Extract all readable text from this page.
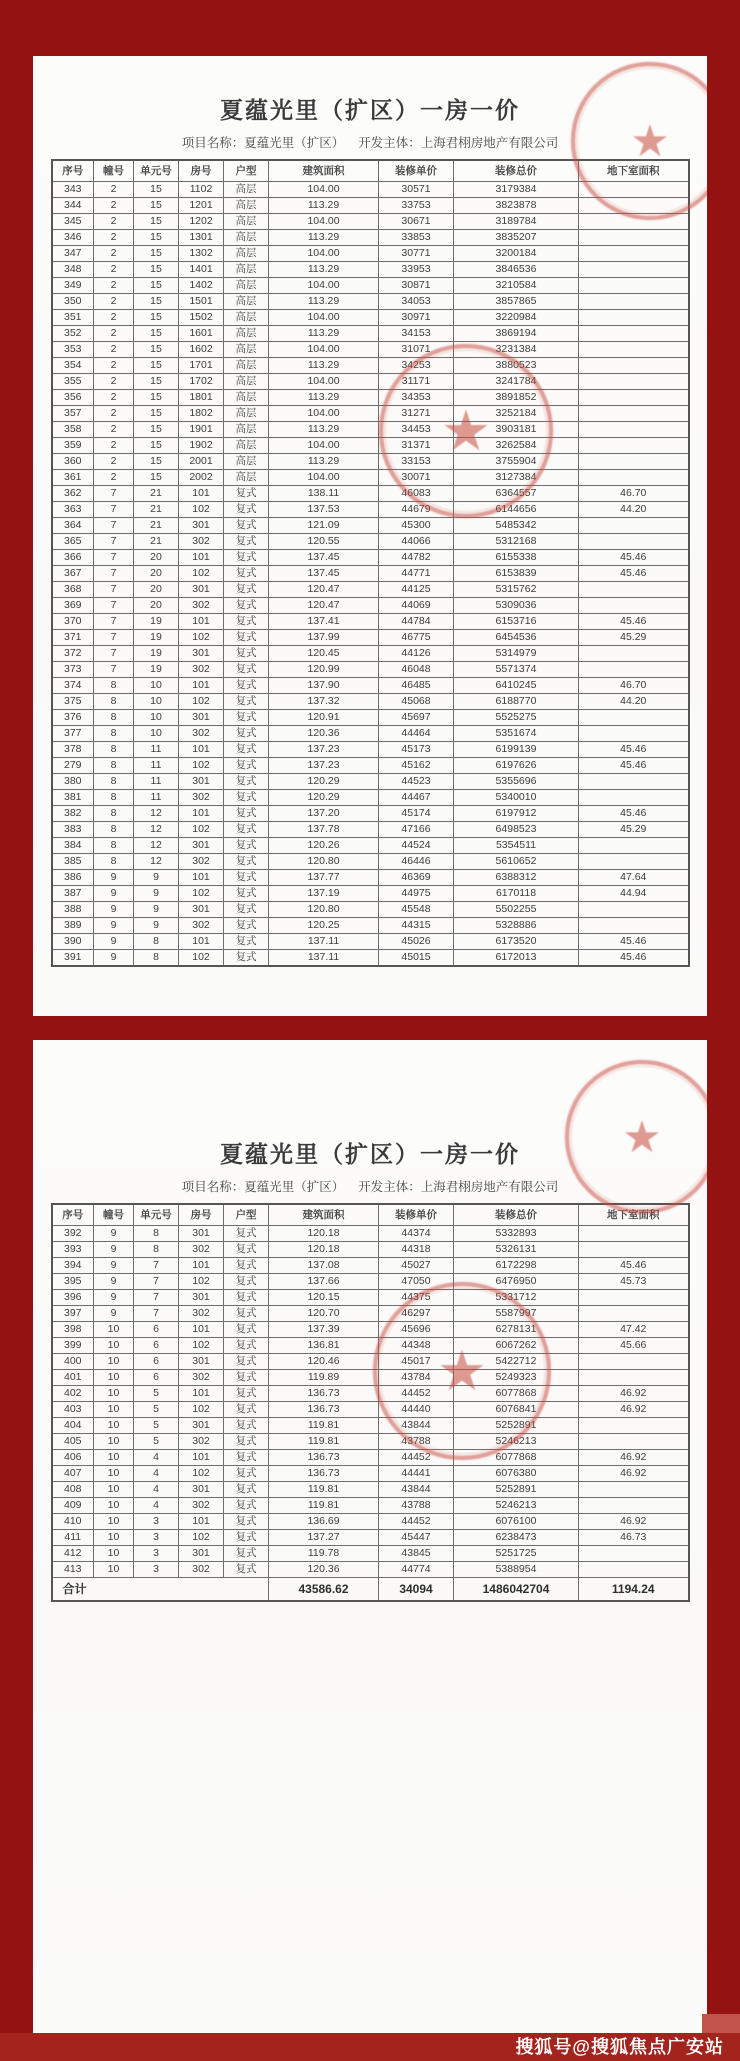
★
★
夏蕴光里（扩区）一房一价
项目名称：夏蕴光里（扩区） 开发主体：上海君栩房地产有限公司
序号	幢号	单元号	房号	户型	建筑面积	装修单价	装修总价	地下室面积
343	2	15	1102	高层	104.00	30571	3179384	
344	2	15	1201	高层	113.29	33753	3823878	
345	2	15	1202	高层	104.00	30671	3189784	
346	2	15	1301	高层	113.29	33853	3835207	
347	2	15	1302	高层	104.00	30771	3200184	
348	2	15	1401	高层	113.29	33953	3846536	
349	2	15	1402	高层	104.00	30871	3210584	
350	2	15	1501	高层	113.29	34053	3857865	
351	2	15	1502	高层	104.00	30971	3220984	
352	2	15	1601	高层	113.29	34153	3869194	
353	2	15	1602	高层	104.00	31071	3231384	
354	2	15	1701	高层	113.29	34253	3880523	
355	2	15	1702	高层	104.00	31171	3241784	
356	2	15	1801	高层	113.29	34353	3891852	
357	2	15	1802	高层	104.00	31271	3252184	
358	2	15	1901	高层	113.29	34453	3903181	
359	2	15	1902	高层	104.00	31371	3262584	
360	2	15	2001	高层	113.29	33153	3755904	
361	2	15	2002	高层	104.00	30071	3127384	
362	7	21	101	复式	138.11	46083	6364557	46.70
363	7	21	102	复式	137.53	44679	6144656	44.20
364	7	21	301	复式	121.09	45300	5485342	
365	7	21	302	复式	120.55	44066	5312168	
366	7	20	101	复式	137.45	44782	6155338	45.46
367	7	20	102	复式	137.45	44771	6153839	45.46
368	7	20	301	复式	120.47	44125	5315762	
369	7	20	302	复式	120.47	44069	5309036	
370	7	19	101	复式	137.41	44784	6153716	45.46
371	7	19	102	复式	137.99	46775	6454536	45.29
372	7	19	301	复式	120.45	44126	5314979	
373	7	19	302	复式	120.99	46048	5571374	
374	8	10	101	复式	137.90	46485	6410245	46.70
375	8	10	102	复式	137.32	45068	6188770	44.20
376	8	10	301	复式	120.91	45697	5525275	
377	8	10	302	复式	120.36	44464	5351674	
378	8	11	101	复式	137.23	45173	6199139	45.46
279	8	11	102	复式	137.23	45162	6197626	45.46
380	8	11	301	复式	120.29	44523	5355696	
381	8	11	302	复式	120.29	44467	5340010	
382	8	12	101	复式	137.20	45174	6197912	45.46
383	8	12	102	复式	137.78	47166	6498523	45.29
384	8	12	301	复式	120.26	44524	5354511	
385	8	12	302	复式	120.80	46446	5610652	
386	9	9	101	复式	137.77	46369	6388312	47.64
387	9	9	102	复式	137.19	44975	6170118	44.94
388	9	9	301	复式	120.80	45548	5502255	
389	9	9	302	复式	120.25	44315	5328886	
390	9	8	101	复式	137.11	45026	6173520	45.46
391	9	8	102	复式	137.11	45015	6172013	45.46
★
★
夏蕴光里（扩区）一房一价
项目名称：夏蕴光里（扩区） 开发主体：上海君栩房地产有限公司
序号	幢号	单元号	房号	户型	建筑面积	装修单价	装修总价	地下室面积
392	9	8	301	复式	120.18	44374	5332893	
393	9	8	302	复式	120.18	44318	5326131	
394	9	7	101	复式	137.08	45027	6172298	45.46
395	9	7	102	复式	137.66	47050	6476950	45.73
396	9	7	301	复式	120.15	44375	5331712	
397	9	7	302	复式	120.70	46297	5587997	
398	10	6	101	复式	137.39	45696	6278131	47.42
399	10	6	102	复式	136.81	44348	6067262	45.66
400	10	6	301	复式	120.46	45017	5422712	
401	10	6	302	复式	119.89	43784	5249323	
402	10	5	101	复式	136.73	44452	6077868	46.92
403	10	5	102	复式	136.73	44440	6076841	46.92
404	10	5	301	复式	119.81	43844	5252891	
405	10	5	302	复式	119.81	43788	5246213	
406	10	4	101	复式	136.73	44452	6077868	46.92
407	10	4	102	复式	136.73	44441	6076380	46.92
408	10	4	301	复式	119.81	43844	5252891	
409	10	4	302	复式	119.81	43788	5246213	
410	10	3	101	复式	136.69	44452	6076100	46.92
411	10	3	102	复式	137.27	45447	6238473	46.73
412	10	3	301	复式	119.78	43845	5251725	
413	10	3	302	复式	120.36	44774	5388954	
合计					43586.62	34094	1486042704	1194.24
搜狐号@搜狐焦点广安站
